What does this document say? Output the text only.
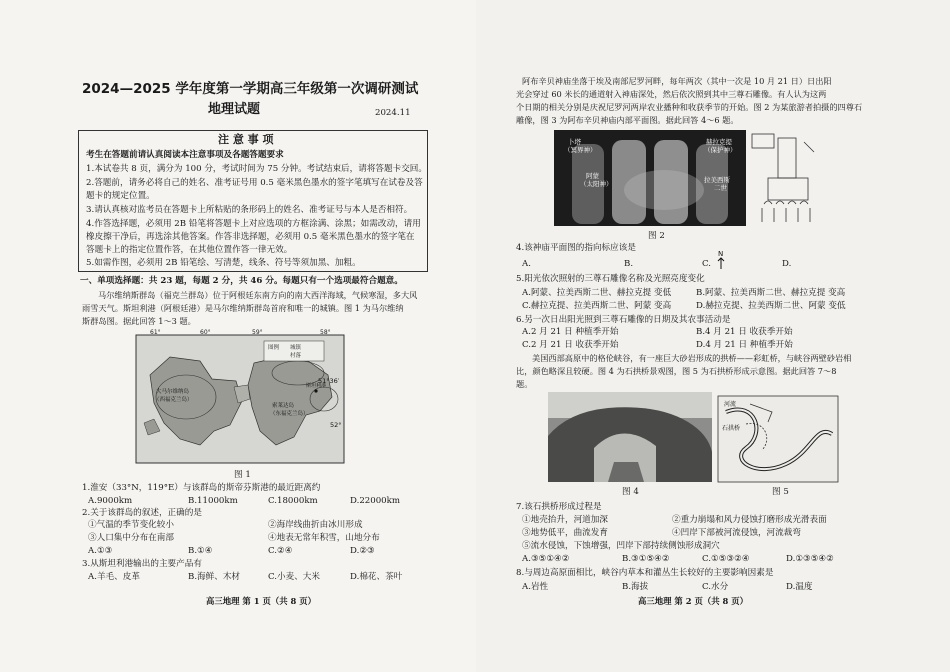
2024—2025 学年度第一学期高三年级第一次调研测试
地理试题	2024.11
注 意 事 项
考生在答题前请认真阅读本注意事项及各题答题要求
1.本试卷共 8 页，满分为 100 分，考试时间为 75 分钟。考试结束后，请将答题卡交回。
2.答题前，请务必将自己的姓名、准考证号用 0.5 毫米黑色墨水的签字笔填写在试卷及答
题卡的规定位置。
3.请认真核对监考员在答题卡上所粘贴的条形码上的姓名、准考证号与本人是否相符。
4.作答选择题，必须用 2B 铅笔将答题卡上对应选项的方框涂满、涂黑；如需改动，请用
橡皮擦干净后，再选涂其他答案。作答非选择题，必须用 0.5 毫米黑色墨水的签字笔在
答题卡上的指定位置作答，在其他位置作答一律无效。
5.如需作图，必须用 2B 铅笔绘、写清楚，线条、符号等须加黑、加粗。
一、单项选择题：共 23 题，每题 2 分，共 46 分。每题只有一个选项最符合题意。
马尔维纳斯群岛（福克兰群岛）位于阿根廷东南方向的南大西洋海域，气候寒湿，多大风
雨雪天气。斯坦利港（阿根廷港）是马尔维纳斯群岛首府和唯一的城镇。图 1 为马尔维纳
斯群岛图。据此回答 1～3 题。
图例 城镇
村落
61°	60°	59°	58°
51°36′
52°
大马尔维纳岛
（西福克兰岛）
索莱达岛
（东福克兰岛）
斯坦利港
图 1
1.淮安（33°N，119°E）与该群岛的斯帝芬斯港的最近距离约
A.9000km	B.11000km	C.18000km	D.22000km
2.关于该群岛的叙述，正确的是
①气温的季节变化较小	②海岸线曲折由冰川形成
③人口集中分布在南部	④地表无常年积雪，山地分布
A.①③	B.①④	C.②④	D.②③
3.从斯坦利港输出的主要产品有
A.羊毛、皮革	B.海鲜、木材	C.小麦、大米	D.棉花、茶叶
高三地理 第 1 页（共 8 页）
阿布辛贝神庙坐落于埃及南部尼罗河畔，每年两次（其中一次是 10 月 21 日）日出阳
光会穿过 60 米长的通道射入神庙深处，然后依次照到其中三尊石雕像。有人认为这两
个日期的相关分别是庆祝尼罗河两岸农业播种和收获季节的开始。图 2 为某旅游者拍摄的四尊石
雕像，图 3 为阿布辛贝神庙内部平面图。据此回答 4～6 题。
卜塔
（冥界神）
赫拉克提
（保护神）
阿蒙
（太阳神）	拉美西斯
二世
图 2
4.该神庙平面图的指向标应该是
A.	B.	C.
N
D.
5.阳光依次照射的三尊石雕像名称及光照亮度变化
A.阿蒙、拉美西斯二世、赫拉克提 变低	B.阿蒙、拉美西斯二世、赫拉克提 变高
C.赫拉克提、拉美西斯二世、阿蒙 变高	D.赫拉克提、拉美西斯二世、阿蒙 变低
6.另一次日出阳光照到三尊石雕像的日期及其农事活动是
A.2 月 21 日 种植季开始	B.4 月 21 日 收获季开始
C.2 月 21 日 收获季开始	D.4 月 21 日 种植季开始
美国西部高原中的格伦峡谷，有一座巨大砂岩形成的拱桥——彩虹桥，与峡谷两壁砂岩相
比，颜色略深且较硬。图 4 为石拱桥景观图，图 5 为石拱桥形成示意图。据此回答 7～8
题。
图 4
河流
石拱桥
图 5
7.该石拱桥形成过程是
①地壳抬升，河道加深	②重力崩塌和风力侵蚀打磨形成光滑表面
③地势低平，曲流发育	④凹岸下部被河流侵蚀，河流裁弯
⑤流水侵蚀，下蚀增强，凹岸下部持续侧蚀形成洞穴
A.③⑤①④②	B.③①⑤④②	C.①⑤③②④	D.①③⑤④②
8.与周边高原面相比，峡谷内草本和灌丛生长较好的主要影响因素是
A.岩性	B.海拔	C.水分	D.温度
高三地理 第 2 页（共 8 页）
